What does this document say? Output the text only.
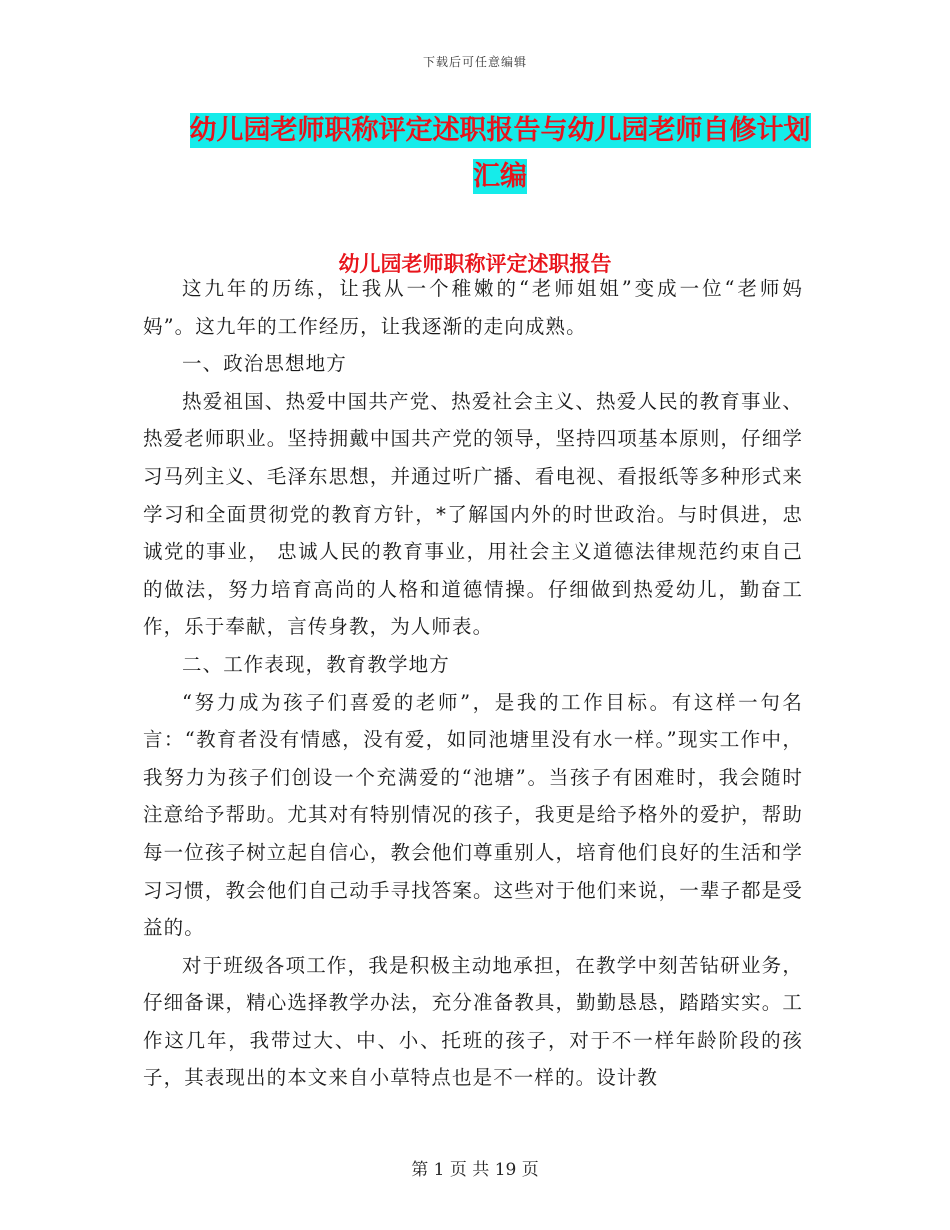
下载后可任意编辑
幼儿园老师职称评定述职报告与幼儿园老师自修计划汇编
幼儿园老师职称评定述职报告

这九年的历练，让我从一个稚嫩的“老师姐姐”变成一位“老师妈妈”。这九年的工作经历，让我逐渐的走向成熟。

一、政治思想地方

热爱祖国、热爱中国共产党、热爱社会主义、热爱人民的教育事业、热爱老师职业。坚持拥戴中国共产党的领导，坚持四项基本原则，仔细学习马列主义、毛泽东思想，并通过听广播、看电视、看报纸等多种形式来学习和全面贯彻党的教育方针，*了解国内外的时世政治。与时俱进，忠诚党的事业， 忠诚人民的教育事业，用社会主义道德法律规范约束自己的做法，努力培育高尚的人格和道德情操。仔细做到热爱幼儿，勤奋工作，乐于奉献，言传身教，为人师表。

二、工作表现，教育教学地方

“努力成为孩子们喜爱的老师”，是我的工作目标。有这样一句名言：“教育者没有情感，没有爱，如同池塘里没有水一样。”现实工作中，我努力为孩子们创设一个充满爱的“池塘”。当孩子有困难时，我会随时注意给予帮助。尤其对有特别情况的孩子，我更是给予格外的爱护，帮助每一位孩子树立起自信心，教会他们尊重别人，培育他们良好的生活和学习习惯，教会他们自己动手寻找答案。这些对于他们来说，一辈子都是受益的。

对于班级各项工作，我是积极主动地承担，在教学中刻苦钻研业务，仔细备课，精心选择教学办法，充分准备教具，勤勤恳恳，踏踏实实。工作这几年，我带过大、中、小、托班的孩子，对于不一样年龄阶段的孩子，其表现出的本文来自小草特点也是不一样的。设计教

第 1 页 共 19 页
